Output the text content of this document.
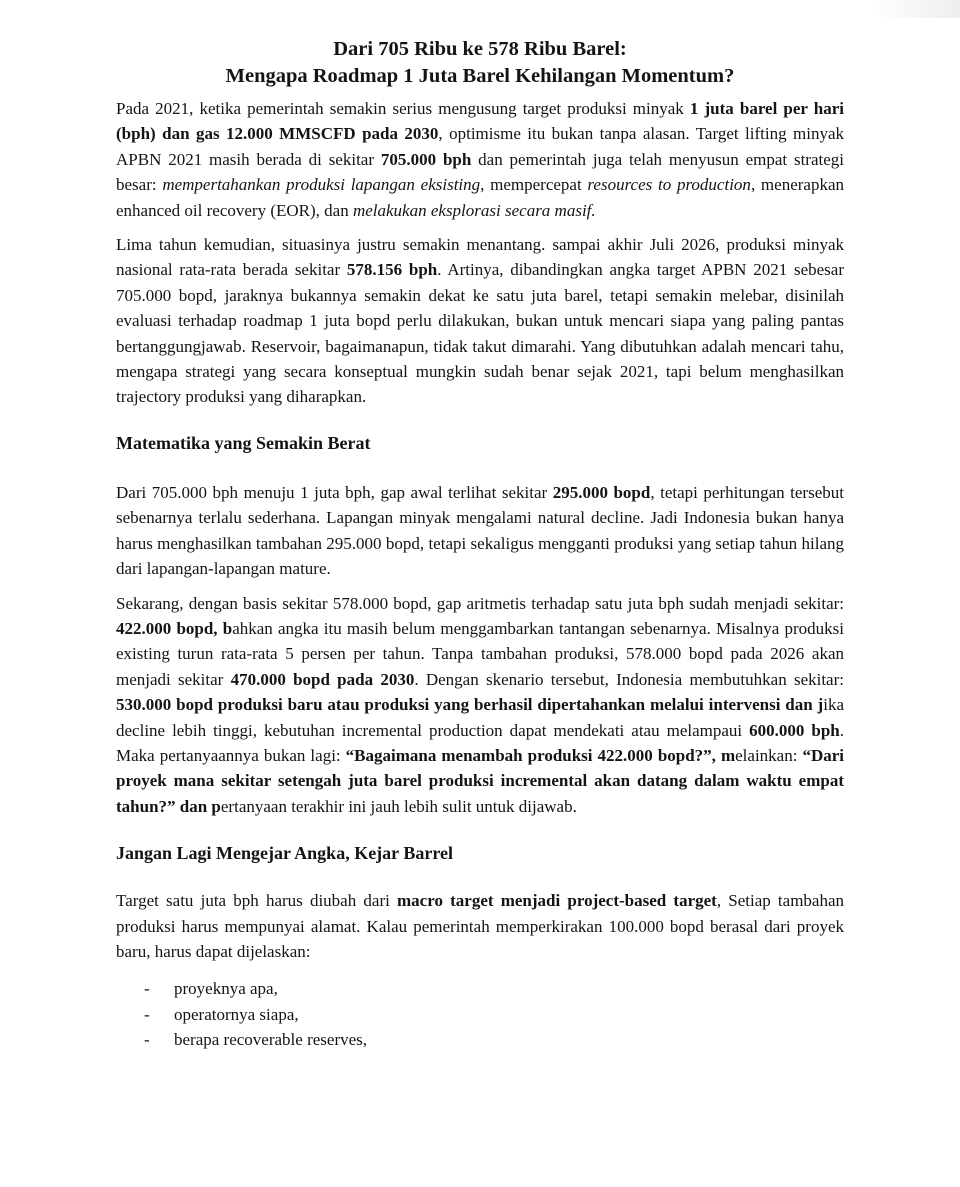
Dari 705 Ribu ke 578 Ribu Barel:
Mengapa Roadmap 1 Juta Barel Kehilangan Momentum?

Pada 2021, ketika pemerintah semakin serius mengusung target produksi minyak 1 juta barel per hari (bph) dan gas 12.000 MMSCFD pada 2030, optimisme itu bukan tanpa alasan. Target lifting minyak APBN 2021 masih berada di sekitar 705.000 bph dan pemerintah juga telah menyusun empat strategi besar: mempertahankan produksi lapangan eksisting, mempercepat resources to production, menerapkan enhanced oil recovery (EOR), dan melakukan eksplorasi secara masif.

Lima tahun kemudian, situasinya justru semakin menantang. sampai akhir Juli 2026, produksi minyak nasional rata-rata berada sekitar 578.156 bph. Artinya, dibandingkan angka target APBN 2021 sebesar 705.000 bopd, jaraknya bukannya semakin dekat ke satu juta barel, tetapi semakin melebar, disinilah evaluasi terhadap roadmap 1 juta bopd perlu dilakukan, bukan untuk mencari siapa yang paling pantas bertanggungjawab. Reservoir, bagaimanapun, tidak takut dimarahi. Yang dibutuhkan adalah mencari tahu, mengapa strategi yang secara konseptual mungkin sudah benar sejak 2021, tapi belum menghasilkan trajectory produksi yang diharapkan.

Matematika yang Semakin Berat

Dari 705.000 bph menuju 1 juta bph, gap awal terlihat sekitar 295.000 bopd, tetapi perhitungan tersebut sebenarnya terlalu sederhana. Lapangan minyak mengalami natural decline. Jadi Indonesia bukan hanya harus menghasilkan tambahan 295.000 bopd, tetapi sekaligus mengganti produksi yang setiap tahun hilang dari lapangan-lapangan mature.

Sekarang, dengan basis sekitar 578.000 bopd, gap aritmetis terhadap satu juta bph sudah menjadi sekitar: 422.000 bopd, bahkan angka itu masih belum menggambarkan tantangan sebenarnya. Misalnya produksi existing turun rata-rata 5 persen per tahun. Tanpa tambahan produksi, 578.000 bopd pada 2026 akan menjadi sekitar 470.000 bopd pada 2030. Dengan skenario tersebut, Indonesia membutuhkan sekitar: 530.000 bopd produksi baru atau produksi yang berhasil dipertahankan melalui intervensi dan jika decline lebih tinggi, kebutuhan incremental production dapat mendekati atau melampaui 600.000 bph. Maka pertanyaannya bukan lagi: “Bagaimana menambah produksi 422.000 bopd?”, melainkan: “Dari proyek mana sekitar setengah juta barel produksi incremental akan datang dalam waktu empat tahun?” dan pertanyaan terakhir ini jauh lebih sulit untuk dijawab.

Jangan Lagi Mengejar Angka, Kejar Barrel

Target satu juta bph harus diubah dari macro target menjadi project-based target, Setiap tambahan produksi harus mempunyai alamat. Kalau pemerintah memperkirakan 100.000 bopd berasal dari proyek baru, harus dapat dijelaskan:

- proyeknya apa,
- operatornya siapa,
- berapa recoverable reserves,
